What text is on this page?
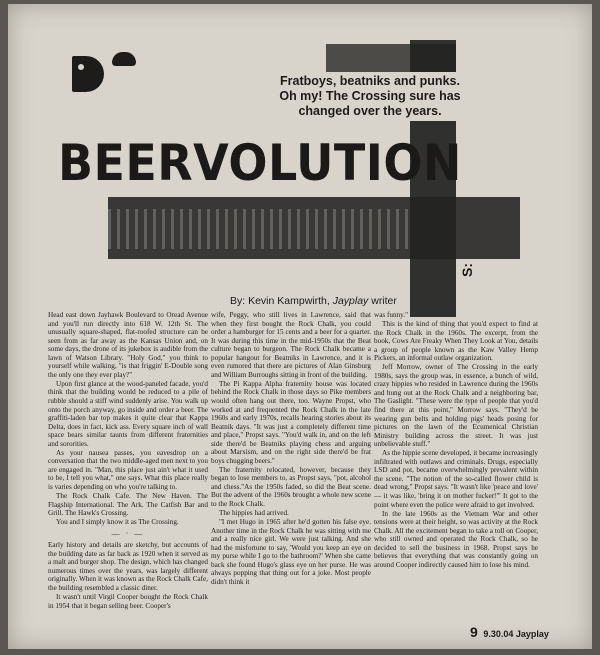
Fratboys, beatniks and punks. Oh my! The Crossing sure has changed over the years.
BEERVOLUTION
S:
By: Kevin Kampwirth, Jayplay writer

Head east down Jayhawk Boulevard to Oread Avenue and you'll run directly into 618 W. 12th St. The unusually square-shaped, flat-roofed structure can be seen from as far away as the Kansas Union and, on some days, the drone of its jukebox is audible from the lawn of Watson Library. "Holy God," you think to yourself while walking, "is that friggin' E-Double song the only one they ever play?"

Upon first glance at the wood-paneled facade, you'd think that the building would be reduced to a pile of rubble should a stiff wind suddenly arise. You walk up onto the porch anyway, go inside and order a beer. The graffiti-laden bar top makes it quite clear that Kappa Delta, does in fact, kick ass. Every square inch of wall space bears similar taunts from different fraternities and sororities.

As your nausea passes, you eavesdrop on a conversation that the two middle-aged men next to you are engaged in. "Man, this place just ain't what it used to be, I tell you what," one says. What this place really is varies depending on who you're talking to.

The Rock Chalk Cafe. The New Haven. The Flagship International. The Ark. The Catfish Bar and Grill. The Hawk's Crossing.

You and I simply know it as The Crossing.

— · —

Early history and details are sketchy, but accounts of the building date as far back as 1920 when it served as a malt and burger shop. The design, which has changed numerous times over the years, was largely different originally. When it was known as the Rock Chalk Cafe, the building resembled a classic diner.

It wasn't until Virgil Cooper bought the Rock Chalk in 1954 that it began selling beer. Cooper's

wife, Peggy, who still lives in Lawrence, said that when they first bought the Rock Chalk, you could order a hamburger for 15 cents and a beer for a quarter. It was during this time in the mid-1950s that the Beat culture began to burgeon. The Rock Chalk became a popular hangout for Beatniks in Lawrence, and it is even rumored that there are pictures of Alan Ginsburg and William Burroughs sitting in front of the building.

The Pi Kappa Alpha fraternity house was located behind the Rock Chalk in those days so Pike members would often hang out there, too. Wayne Propst, who worked at and frequented the Rock Chalk in the late 1960s and early 1970s, recalls hearing stories about its Beatnik days. "It was just a completely different time and place," Propst says. "You'd walk in, and on the left side there'd be Beatniks playing chess and arguing about Marxism, and on the right side there'd be frat boys chugging beers."

The fraternity relocated, however, because they began to lose members to, as Propst says, "pot, alcohol and chess."As the 1950s faded, so did the Beat scene. But the advent of the 1960s brought a whole new scene to the Rock Chalk.

The hippies had arrived.

"I met Hugo in 1965 after he'd gotten his false eye. Another time in the Rock Chalk he was sitting with me and a really nice girl. We were just talking. And she had the misfortune to say, 'Would you keep an eye on my purse while I go to the bathroom?' When she came back she found Hugo's glass eye on her purse. He was always popping that thing out for a joke. Most people didn't think it

was funny."

This is the kind of thing that you'd expect to find at the Rock Chalk in the 1960s. The excerpt, from the book, Cows Are Freaky When They Look at You, details a group of people known as the Kaw Valley Hemp Pickers, an informal outlaw organization.

Jeff Morrow, owner of The Crossing in the early 1980s, says the group was, in essence, a bunch of wild, crazy hippies who resided in Lawrence during the 1960s and hung out at the Rock Chalk and a neighboring bar, The Gaslight. "These were the type of people that you'd find there at this point," Morrow says. "They'd be wearing gun belts and holding pigs' heads posing for pictures on the lawn of the Ecumenical Christian Ministry building across the street. It was just unbelievable stuff."

As the hippie scene developed, it became increasingly infiltrated with outlaws and criminals. Drugs, especially LSD and pot, became overwhelmingly prevalent within the scene. "The notion of the so-called flower child is dead wrong," Propst says. "It wasn't like 'peace and love' — it was like, 'bring it on mother fucker!'" It got to the point where even the police were afraid to get involved.

In the late 1960s as the Vietnam War and other tensions were at their height, so was activity at the Rock Chalk. All the excitement began to take a toll on Cooper, who still owned and operated the Rock Chalk, so he decided to sell the business in 1968. Propst says he believes that everything that was constantly going on around Cooper indirectly caused him to lose his mind.

9 9.30.04 Jayplay
